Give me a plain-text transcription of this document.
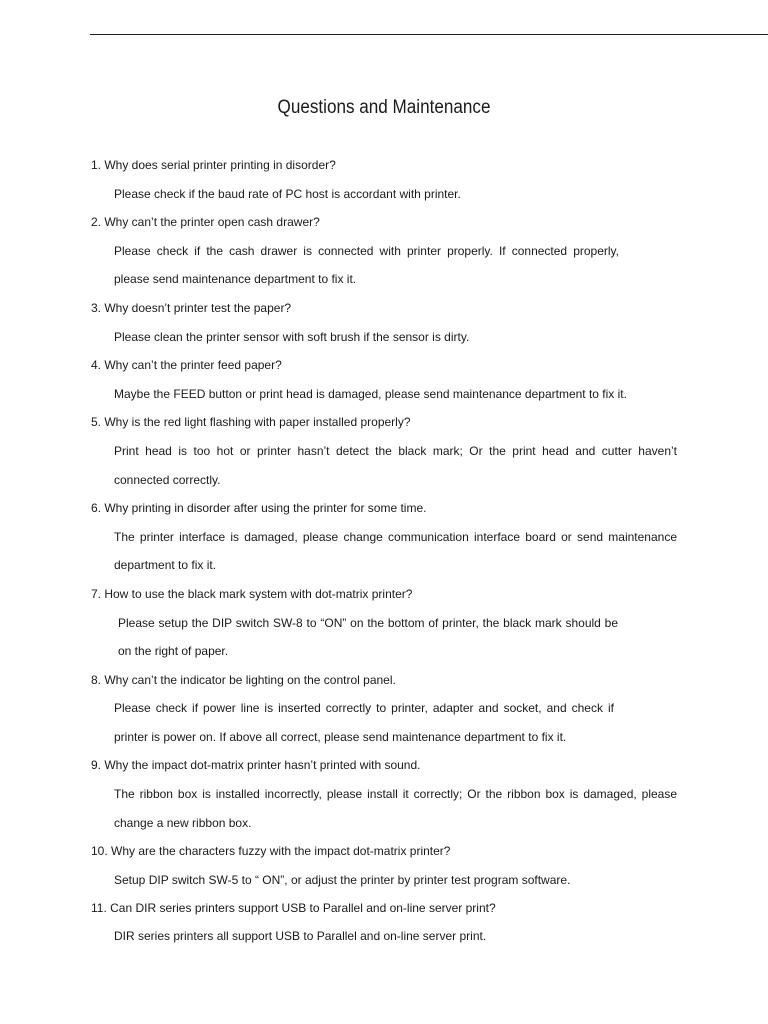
Questions and Maintenance
1. Why does serial printer printing in disorder?
Please check if the baud rate of PC host is accordant with printer.
2. Why can’t the printer open cash drawer?
Please check if the cash drawer is connected with printer properly. If connected properly, please send maintenance department to fix it.
3. Why doesn’t printer test the paper?
Please clean the printer sensor with soft brush if the sensor is dirty.
4. Why can’t the printer feed paper?
Maybe the FEED button or print head is damaged, please send maintenance department to fix it.
5. Why is the red light flashing with paper installed properly?
Print head is too hot or printer hasn’t detect the black mark; Or the print head and cutter haven’t connected correctly.
6. Why printing in disorder after using the printer for some time.
The printer interface is damaged, please change communication interface board or send maintenance department to fix it.
7. How to use the black mark system with dot-matrix printer?
Please setup the DIP switch SW-8 to “ON” on the bottom of printer, the black mark should be on the right of paper.
8. Why can’t the indicator be lighting on the control panel.
Please check if power line is inserted correctly to printer, adapter and socket, and check if printer is power on. If above all correct, please send maintenance department to fix it.
9. Why the impact dot-matrix printer hasn’t printed with sound.
The ribbon box is installed incorrectly, please install it correctly; Or the ribbon box is damaged, please change a new ribbon box.
10. Why are the characters fuzzy with the impact dot-matrix printer?
Setup DIP switch SW-5 to “ ON”, or adjust the printer by printer test program software.
11. Can DIR series printers support USB to Parallel and on-line server print?
DIR series printers all support USB to Parallel and on-line server print.
